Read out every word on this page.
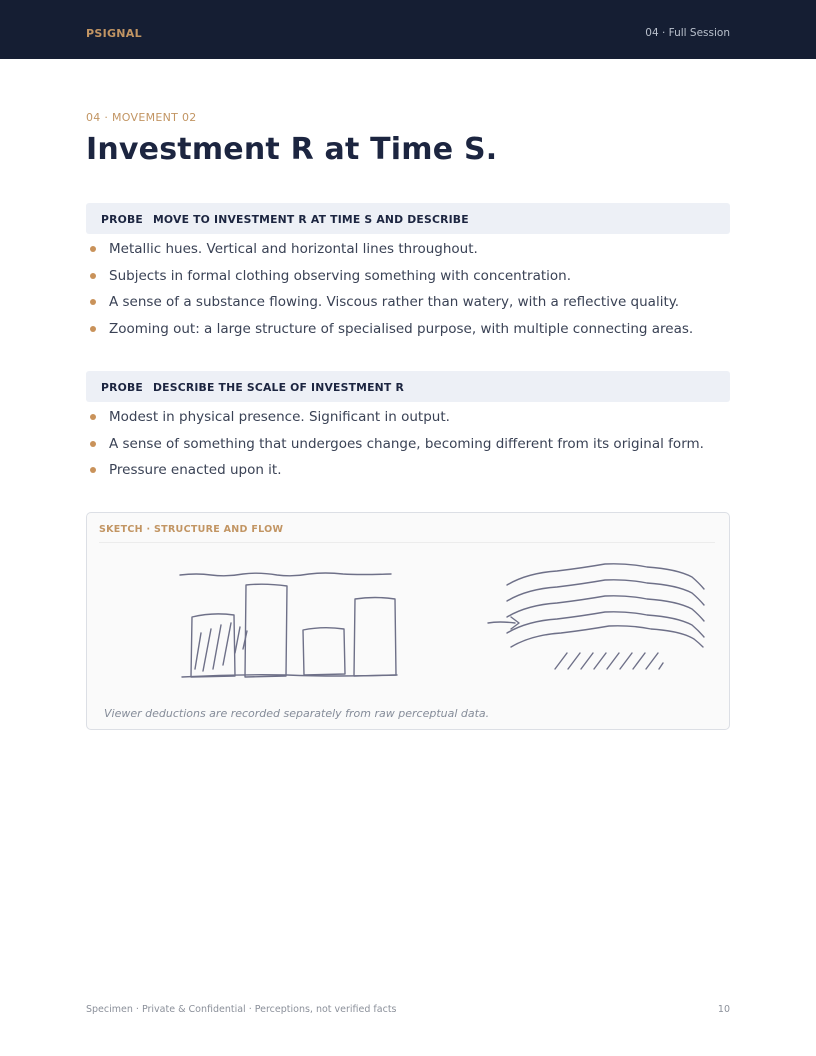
PSIGNAL	04 · Full Session
04 · MOVEMENT 02
Investment R at Time S.
PROBE MOVE TO INVESTMENT R AT TIME S AND DESCRIBE
Metallic hues. Vertical and horizontal lines throughout.
Subjects in formal clothing observing something with concentration.
A sense of a substance flowing. Viscous rather than watery, with a reflective quality.
Zooming out: a large structure of specialised purpose, with multiple connecting areas.
PROBE DESCRIBE THE SCALE OF INVESTMENT R
Modest in physical presence. Significant in output.
A sense of something that undergoes change, becoming different from its original form.
Pressure enacted upon it.
SKETCH · STRUCTURE AND FLOW
Viewer deductions are recorded separately from raw perceptual data.
Specimen · Private & Confidential · Perceptions, not verified facts	10
